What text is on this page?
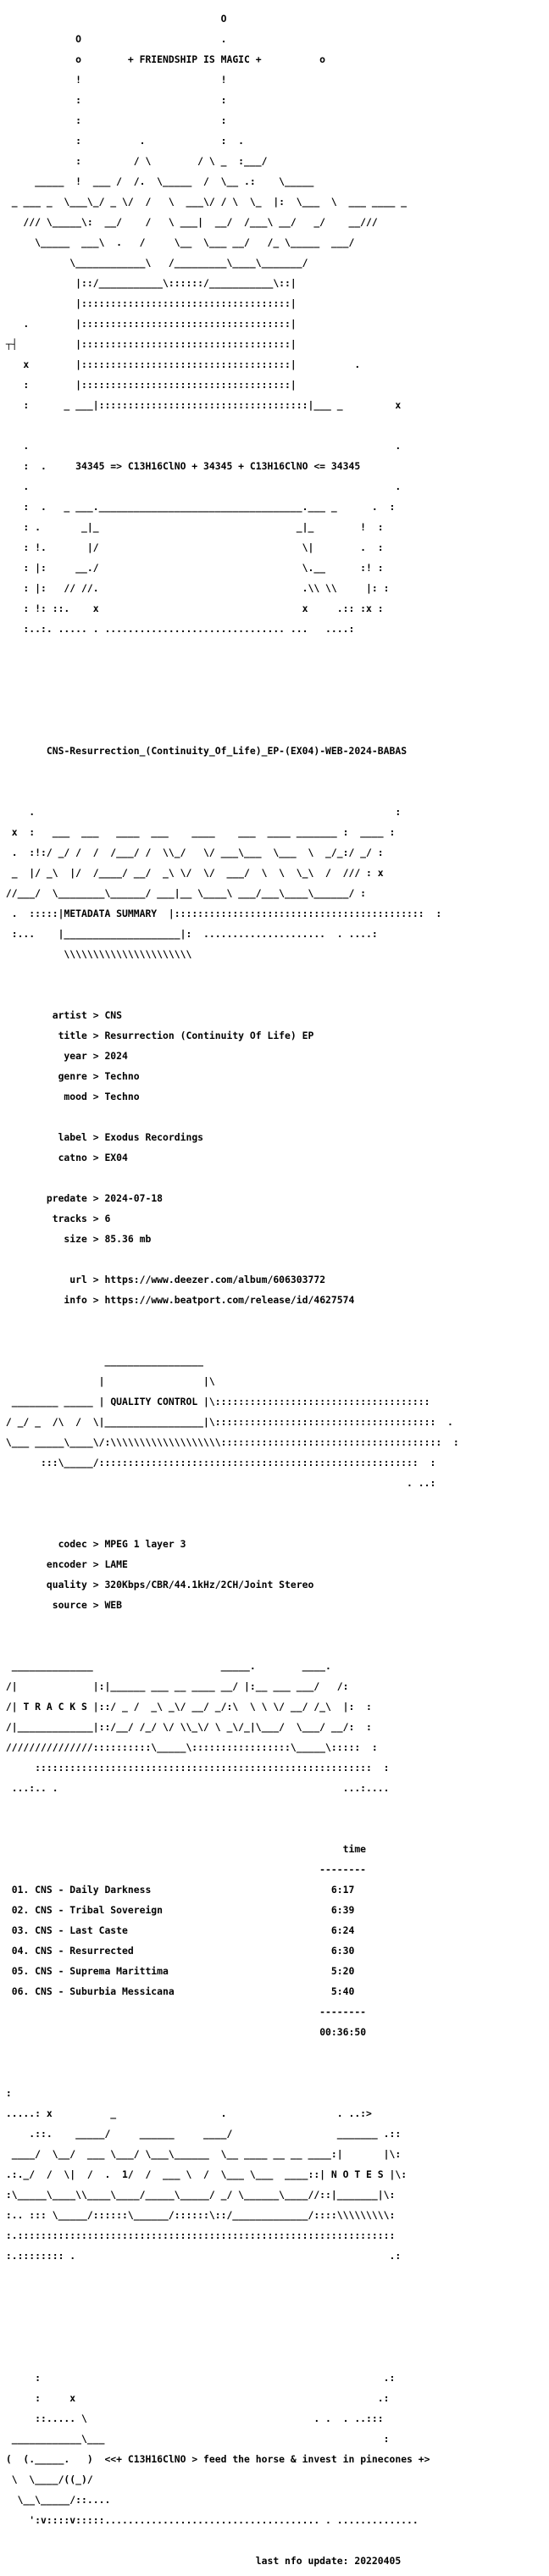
O

O                        .

o        + FRIENDSHIP IS MAGIC +          o

!                        !

:                        :

:                        :

:          .             :  .

:         / \        / \ _  :___/

_____  !  ___ /  /.  \_____  /  \__ .:    \_____

_ ___ _  \___\_/ _ \/  /   \  ___\/ / \  \_  |:  \___  \  ___ ____ _

/// \_____\:  __/    /   \ ___|  __/  /___\ __/   _/    __///

\_____  ___\  .   /     \__  \___ __/   /_ \_____  ___/

\____________\   /_________\____\_______/

|::/___________\::::::/___________\::|

|::::::::::::::::::::::::::::::::::::|

.        |::::::::::::::::::::::::::::::::::::|

┬┤          |::::::::::::::::::::::::::::::::::::|

x        |::::::::::::::::::::::::::::::::::::|          .

:        |::::::::::::::::::::::::::::::::::::|

:      _ ___|::::::::::::::::::::::::::::::::::::|___ _         x

.                                                               .

:  .     34345 => C13H16ClNO + 34345 + C13H16ClNO <= 34345

.                                                               .

:  .   _ ___.___________________________________.___ _      .  :

: .       _|_                                  _|_        !  :

: !.       |/                                   \|        .  :

: |:     __./                                   \.__      :! :

: |:   // //.                                   .\\ \\     |: :

: !: ::.    x                                   x     .:: :x :

:..:. ..... . ............................... ...   ....:

CNS-Resurrection_(Continuity_Of_Life)_EP-(EX04)-WEB-2024-BABAS

.                                                              :

x  :   ___  ___   ____  ___    ____    ___  ____ _______ :  ____ :

.  :!:/ _/ /  /  /___/ /  \\_/   \/ ___\___  \___  \  _/_:/ _/ :

_  |/ _\  |/  /____/ __/  _\ \/  \/  ___/  \  \  \_\  /  /// : x

//___/  \________\______/ ___|__ \____\ ___/___\____\______/ :

.  :::::|METADATA SUMMARY  |:::::::::::::::::::::::::::::::::::::::::::  :

:...    |____________________|:  .....................  . ....:

\\\\\\\\\\\\\\\\\\\\\\

artist > CNS

title > Resurrection (Continuity Of Life) EP

year > 2024

genre > Techno

mood > Techno

label > Exodus Recordings

catno > EX04

predate > 2024-07-18

tracks > 6

size > 85.36 mb

url > https://www.deezer.com/album/606303772

info > https://www.beatport.com/release/id/4627574

_________________

|                 |\

________ _____ | QUALITY CONTROL |\:::::::::::::::::::::::::::::::::::::

/ _/ _  /\  /  \|_________________|\::::::::::::::::::::::::::::::::::::::  .

\___ _____\____\/:\\\\\\\\\\\\\\\\\\\::::::::::::::::::::::::::::::::::::::  :

:::\_____/:::::::::::::::::::::::::::::::::::::::::::::::::::::::  :

. ..:

codec > MPEG 1 layer 3

encoder > LAME

quality > 320Kbps/CBR/44.1kHz/2CH/Joint Stereo

source > WEB

______________                      _____.        ____.

/|             |:|______ ___ __ ____ __/ |:__ ___ ___/   /:

/| T R A C K S |::/ _ /  _\ _\/ __/ _/:\  \ \ \/ __/ /_\  |:  :

/|_____________|::/__/ /_/ \/ \\_\/ \ _\/_|\___/  \___/ __/:  :

///////////////::::::::::\_____\:::::::::::::::::\_____\:::::  :

::::::::::::::::::::::::::::::::::::::::::::::::::::::::::  :

...:.. .                                                 ...:....

time

--------

01. CNS - Daily Darkness	6:17

02. CNS - Tribal Sovereign	6:39

03. CNS - Last Caste	6:24

04. CNS - Resurrected	6:30

05. CNS - Suprema Marittima	5:20

06. CNS - Suburbia Messicana	5:40

--------

00:36:50

:

.....: x          _                  .                   . ..:>

.::.    _____/     ______     ____/                  _______ .::

____/  \__/  ___ \___/ \___\______  \__ ____ __ __ ____:|       |\:

.:._/  /  \|  /  .  1/  /  ___ \  /  \___ \___  ____::| N O T E S |\:

:\_____\____\\____\____/_____\_____/ _/ \______\____//::|_______|\:

:.. ::: \_____/::::::\______/::::::\::/_____________/::::\\\\\\\\\:

:.:::::::::::::::::::::::::::::::::::::::::::::::::::::::::::::::::

:.:::::::: .                                                      .:

:                                                           .:

:     x                                                    .:

::..... \                                       . .  . ..:::

____________\___                                                :

(  (._____.   )  <<+ C13H16ClNO > feed the horse & invest in pinecones +>

\  \____/((_)/

\__\_____/::....

':v::::v:::::..................................... . ..............

last nfo update: 20220405
